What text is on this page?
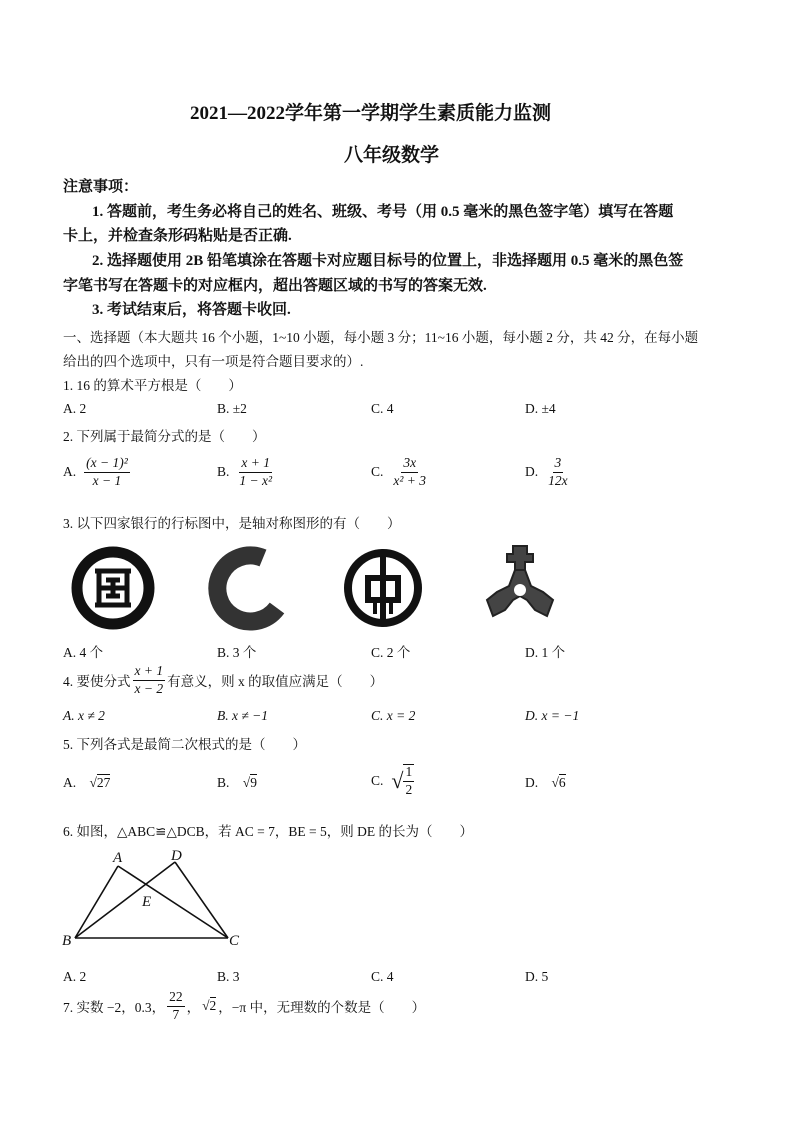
2021—2022学年第一学期学生素质能力监测
八年级数学
注意事项：
1. 答题前，考生务必将自己的姓名、班级、考号（用 0.5 毫米的黑色签字笔）填写在答题
卡上，并检查条形码粘贴是否正确.
2. 选择题使用 2B 铅笔填涂在答题卡对应题目标号的位置上，非选择题用 0.5 毫米的黑色签
字笔书写在答题卡的对应框内，超出答题区域的书写的答案无效.
3. 考试结束后，将答题卡收回.
一、选择题（本大题共 16 个小题，1~10 小题，每小题 3 分；11~16 小题，每小题 2 分，共 42 分，在每小题
给出的四个选项中，只有一项是符合题目要求的）.
1. 16 的算术平方根是（　　）
A. 2	B. ±2	C. 4	D. ±4
2. 下列属于最简分式的是（　　）
A. $\frac{\text{(x − 1)²}}{x - 1}$	B. $\frac{x + 1}{\text{1 − x²}}$	C. $\frac{3x}{\text{x² + 3}}$	D. $\frac{3}{12x}$
3. 以下四家银行的行标图中，是轴对称图形的有（　　）
A. 4 个	B. 3 个	C. 2 个	D. 1 个
4. 要使分式 $\frac{x + 1}{x - 2}$ 有意义，则 x 的取值应满足（　　）
A. x ≠ 2	B. x ≠ −1	C. x = 2	D. x = −1
5. 下列各式是最简二次根式的是（　　）
A. √27	B. √9	C. √ $\frac{1}{2}$	D. √6
6. 如图，△ABC≌△DCB，若 AC = 7，BE = 5，则 DE 的长为（　　）
A	D
E
B	C
A. 2	B. 3	C. 4	D. 5
7. 实数 −2，0.3， $\frac{22}{7}$ ， √2 ，−π 中，无理数的个数是（　　）
